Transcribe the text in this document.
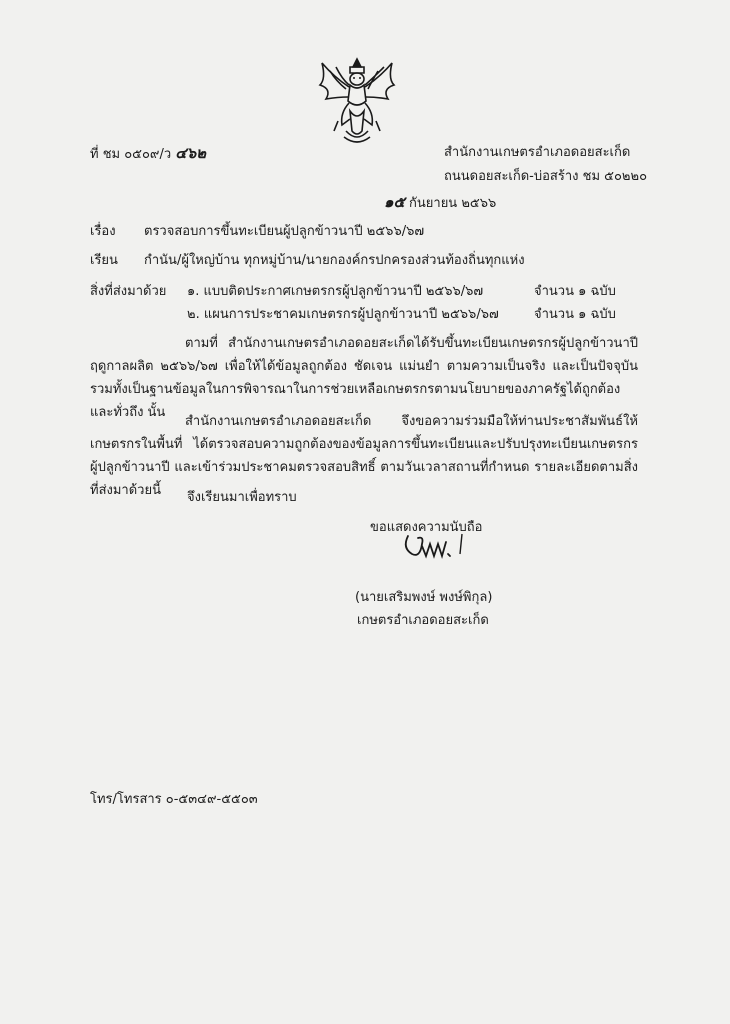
ที่ ชม ๐๕๐๙/ว ๔๖๒	สำนักงานเกษตรอำเภอดอยสะเก็ด
ถนนดอยสะเก็ด-บ่อสร้าง ชม ๕๐๒๒๐
๑๕ กันยายน ๒๕๖๖
เรื่อง ตรวจสอบการขึ้นทะเบียนผู้ปลูกข้าวนาปี ๒๕๖๖/๖๗
เรียน กำนัน/ผู้ใหญ่บ้าน ทุกหมู่บ้าน/นายกองค์กรปกครองส่วนท้องถิ่นทุกแห่ง
สิ่งที่ส่งมาด้วย ๑. แบบติดประกาศเกษตรกรผู้ปลูกข้าวนาปี ๒๕๖๖/๖๗	จำนวน ๑ ฉบับ
๒. แผนการประชาคมเกษตรกรผู้ปลูกข้าวนาปี ๒๕๖๖/๖๗	จำนวน ๑ ฉบับ
ตามที่ สำนักงานเกษตรอำเภอดอยสะเก็ดได้รับขึ้นทะเบียนเกษตรกรผู้ปลูกข้าวนาปี ฤดูกาลผลิต ๒๕๖๖/๖๗ เพื่อให้ได้ข้อมูลถูกต้อง ชัดเจน แม่นยำ ตามความเป็นจริง และเป็นปัจจุบัน รวมทั้งเป็นฐานข้อมูลในการพิจารณาในการช่วยเหลือเกษตรกรตามนโยบายของภาครัฐได้ถูกต้องและทั่วถึง นั้น
สำนักงานเกษตรอำเภอดอยสะเก็ด จึงขอความร่วมมือให้ท่านประชาสัมพันธ์ให้เกษตรกรในพื้นที่ ได้ตรวจสอบความถูกต้องของข้อมูลการขึ้นทะเบียนและปรับปรุงทะเบียนเกษตรกรผู้ปลูกข้าวนาปี และเข้าร่วมประชาคมตรวจสอบสิทธิ์ ตามวันเวลาสถานที่กำหนด รายละเอียดตามสิ่งที่ส่งมาด้วยนี้	จึงเรียนมาเพื่อทราบ
ขอแสดงความนับถือ
(นายเสริมพงษ์ พงษ์พิกุล)
เกษตรอำเภอดอยสะเก็ด
โทร/โทรสาร ๐-๕๓๔๙-๕๕๐๓
